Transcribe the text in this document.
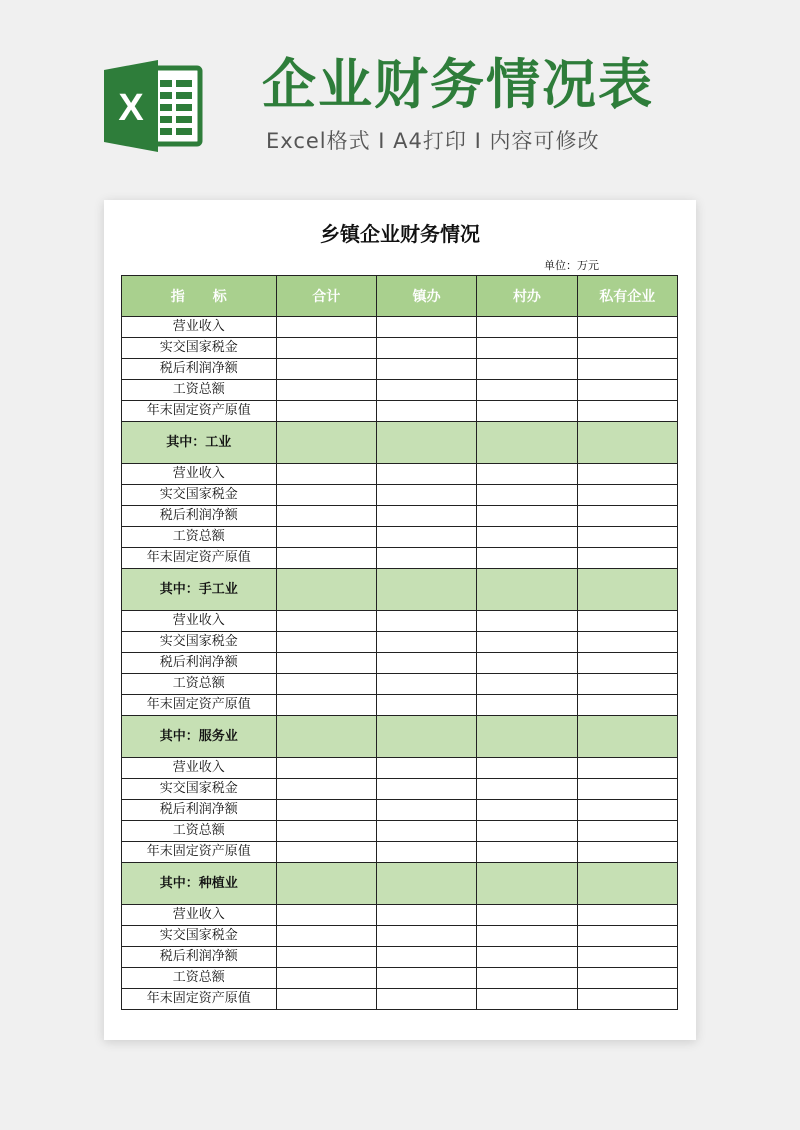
X 企业财务情况表
Excel格式 I A4打印 I 内容可修改
乡镇企业财务情况
单位：万元
指　　标	合计	镇办	村办	私有企业
营业收入				
实交国家税金				
税后利润净额				
工资总额				
年末固定资产原值				
其中：工业				
营业收入				
实交国家税金				
税后利润净额				
工资总额				
年末固定资产原值				
其中：手工业				
营业收入				
实交国家税金				
税后利润净额				
工资总额				
年末固定资产原值				
其中：服务业				
营业收入				
实交国家税金				
税后利润净额				
工资总额				
年末固定资产原值				
其中：种植业				
营业收入				
实交国家税金				
税后利润净额				
工资总额				
年末固定资产原值				
